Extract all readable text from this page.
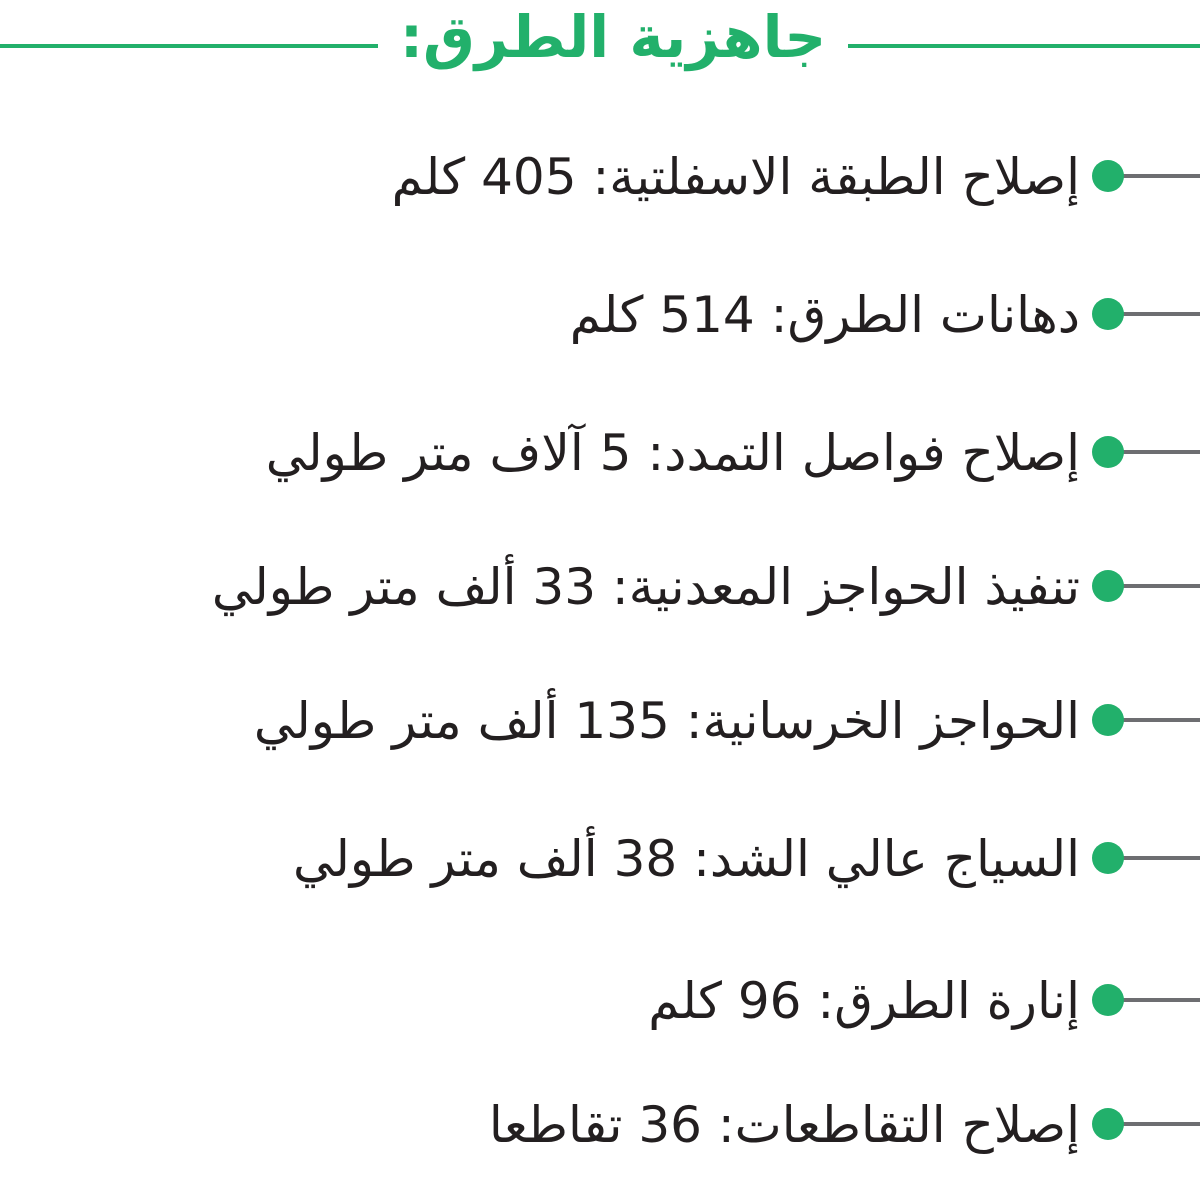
جاهزية الطرق:
إصلاح الطبقة الاسفلتية: 405 كلم
دهانات الطرق: 514 كلم
إصلاح فواصل التمدد: 5 آلاف متر طولي
تنفيذ الحواجز المعدنية: 33 ألف متر طولي
الحواجز الخرسانية: 135 ألف متر طولي
السياج عالي الشد: 38 ألف متر طولي
إنارة الطرق: 96 كلم
إصلاح التقاطعات: 36 تقاطعا
